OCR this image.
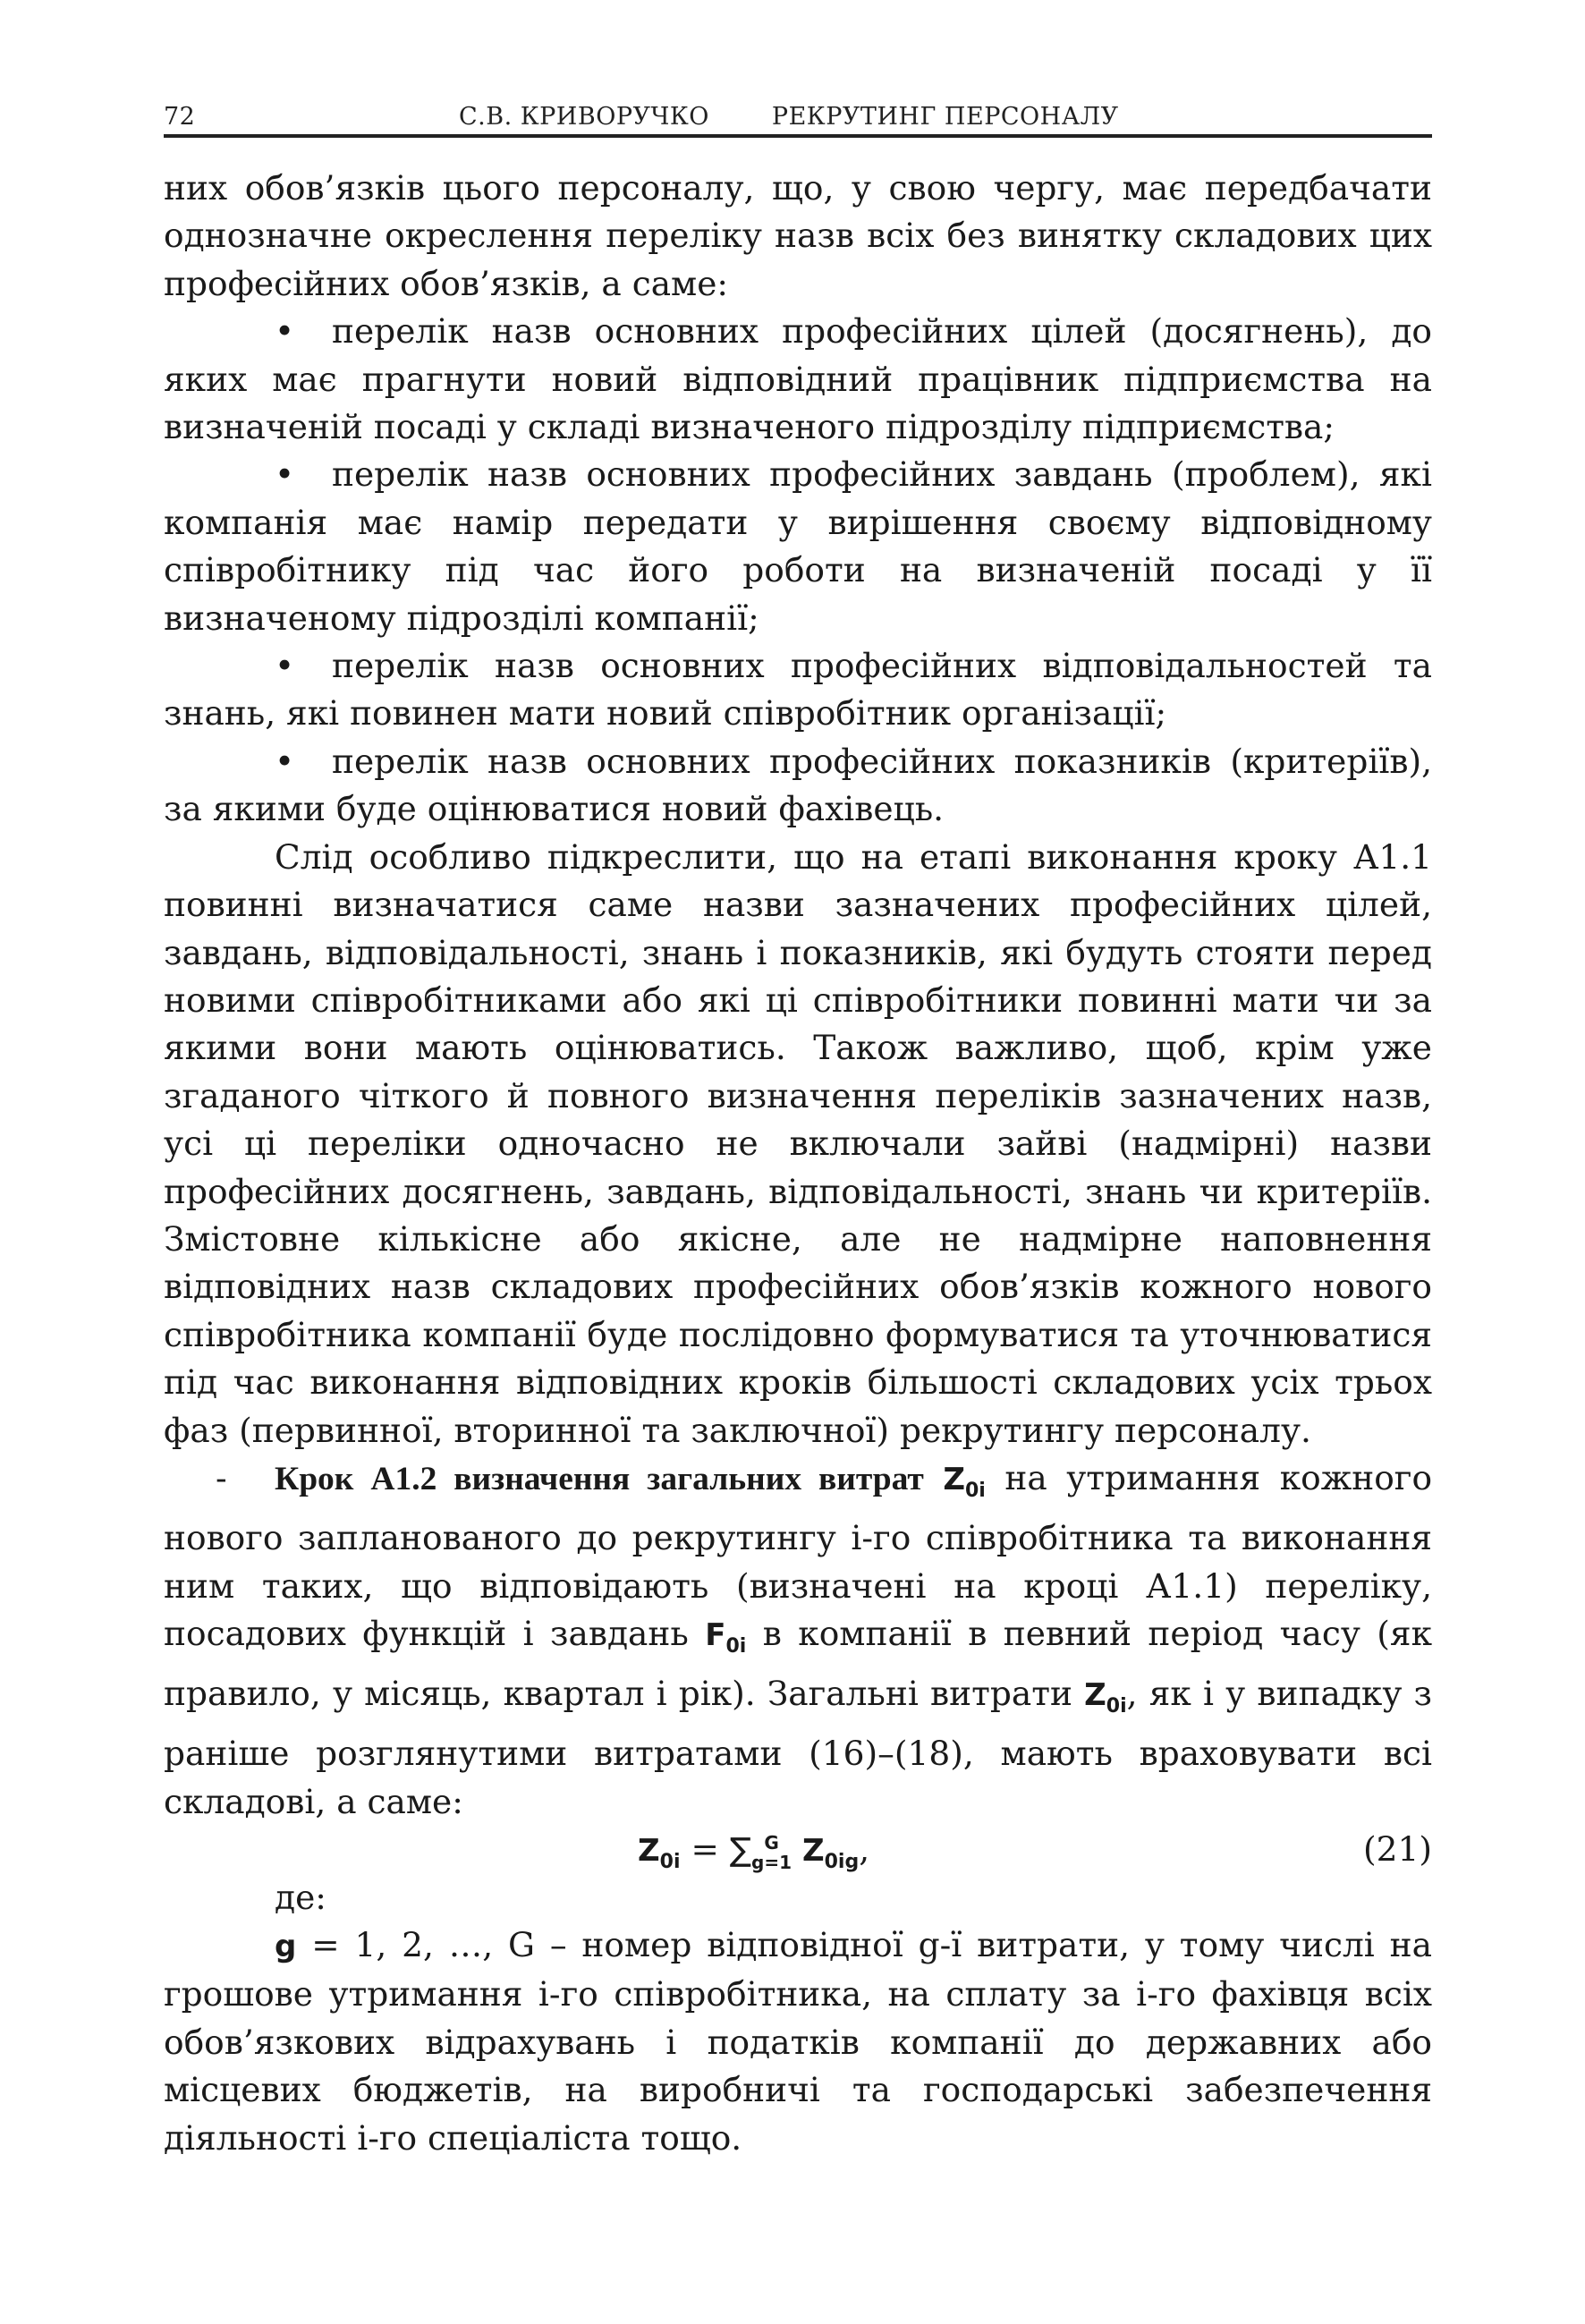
72	С.В. КРИВОРУЧКО	РЕКРУТИНГ ПЕРСОНАЛУ

них обов’язків цього персоналу, що, у свою чергу, має передбачати однозначне окреслення переліку назв всіх без винятку складових цих професійних обов’язків, а саме:

• перелік назв основних професійних цілей (досягнень), до яких має прагнути новий відповідний працівник підприємства на визначеній посаді у складі визначеного підрозділу підприємства;

• перелік назв основних професійних завдань (проблем), які компанія має намір передати у вирішення своєму відповідному співробітнику під час його роботи на визначеній посаді у її визначеному підрозділі компанії;

• перелік назв основних професійних відповідальностей та знань, які повинен мати новий співробітник організації;

• перелік назв основних професійних показників (критеріїв), за якими буде оцінюватися новий фахівець.

Слід особливо підкреслити, що на етапі виконання кроку А1.1 повинні визначатися саме назви зазначених професійних цілей, завдань, відповідальності, знань і показників, які будуть стояти перед новими співробітниками або які ці співробітники повинні мати чи за якими вони мають оцінюватись. Також важливо, щоб, крім уже згаданого чіткого й повного визначення переліків зазначених назв, усі ці переліки одночасно не включали зайві (надмірні) назви професійних досягнень, завдань, відповідальності, знань чи критеріїв. Змістовне кількісне або якісне, але не надмірне наповнення відповідних назв складових професійних обов’язків кожного нового співробітника компанії буде послідовно формуватися та уточнюватися під час виконання відповідних кроків більшості складових усіх трьох фаз (первинної, вторинної та заключної) рекрутингу персоналу.

- Крок А1.2 визначення загальних витрат $Z_{0i}$ на утримання кожного нового запланованого до рекрутингу і-го співробітника та виконання ним таких, що відповідають (визначені на кроці А1.1) переліку, посадових функцій і завдань $F_{0i}$ в компанії в певний період часу (як правило, у місяць, квартал і рік). Загальні витрати $Z_{0i}$, як і у випадку з раніше розглянутими витратами (16)–(18), мають враховувати всі складові, а саме:

$Z_{0i}$ = ∑ G
g=1 $Z_{0ig}$,	(21)

де:

g = 1, 2, …, G – номер відповідної g-ї витрати, у тому числі на грошове утримання і-го співробітника, на сплату за і-го фахівця всіх обов’язкових відрахувань і податків компанії до державних або місцевих бюджетів, на виробничі та господарські забезпечення діяльності і-го спеціаліста тощо.
